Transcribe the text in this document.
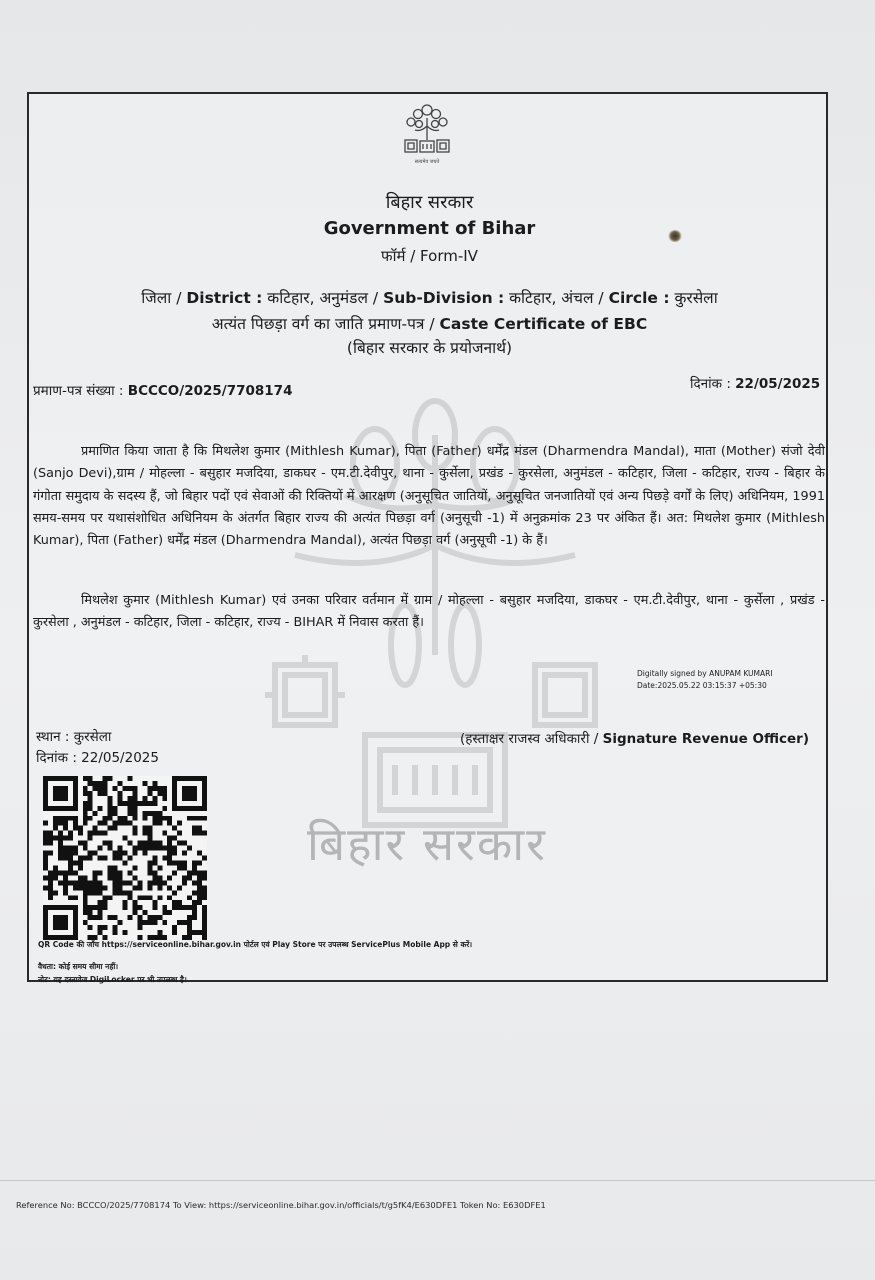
सत्यमेव जयते
बिहार सरकार
बिहार सरकार
Government of Bihar
फॉर्म / Form-IV
जिला / District : कटिहार, अनुमंडल / Sub-Division : कटिहार, अंचल / Circle : कुरसेला
अत्यंत पिछड़ा वर्ग का जाति प्रमाण-पत्र / Caste Certificate of EBC
(बिहार सरकार के प्रयोजनार्थ)
प्रमाण-पत्र संख्या : BCCCO/2025/7708174	दिनांक : 22/05/2025
प्रमाणित किया जाता है कि मिथलेश कुमार (Mithlesh Kumar), पिता (Father) धर्मेंद्र मंडल (Dharmendra Mandal), माता (Mother) संजो देवी (Sanjo Devi),ग्राम / मोहल्ला - बसुहार मजदिया, डाकघर - एम.टी.देवीपुर, थाना - कुर्सेला, प्रखंड - कुरसेला, अनुमंडल - कटिहार, जिला - कटिहार, राज्य - बिहार के गंगोता समुदाय के सदस्य हैं, जो बिहार पदों एवं सेवाओं की रिक्तियों में आरक्षण (अनुसूचित जातियों, अनुसूचित जनजातियों एवं अन्य पिछड़े वर्गों के लिए) अधिनियम, 1991 समय-समय पर यथासंशोधित अधिनियम के अंतर्गत बिहार राज्य की अत्यंत पिछड़ा वर्ग (अनुसूची -1) में अनुक्रमांक 23 पर अंकित हैं। अत: मिथलेश कुमार (Mithlesh Kumar), पिता (Father) धर्मेंद्र मंडल (Dharmendra Mandal), अत्यंत पिछड़ा वर्ग (अनुसूची -1) के हैं।
मिथलेश कुमार (Mithlesh Kumar) एवं उनका परिवार वर्तमान में ग्राम / मोहल्ला - बसुहार मजदिया, डाकघर - एम.टी.देवीपुर, थाना - कुर्सेला , प्रखंड - कुरसेला , अनुमंडल - कटिहार, जिला - कटिहार, राज्य - BIHAR में निवास करता हैं।
Digitally signed by ANUPAM KUMARI
Date:2025.05.22 03:15:37 +05:30
स्थान : कुरसेला
दिनांक : 22/05/2025
(हस्ताक्षर राजस्व अधिकारी / Signature Revenue Officer)
QR Code की जाँच https://serviceonline.bihar.gov.in पोर्टल एवं Play Store पर उपलब्ध ServicePlus Mobile App से करें।
वैधता: कोई समय सीमा नहीं।
नोट: यह दस्तावेज DigiLocker पर भी उपलब्ध है।
Reference No: BCCCO/2025/7708174 To View: https://serviceonline.bihar.gov.in/officials/t/g5fK4/E630DFE1 Token No: E630DFE1
